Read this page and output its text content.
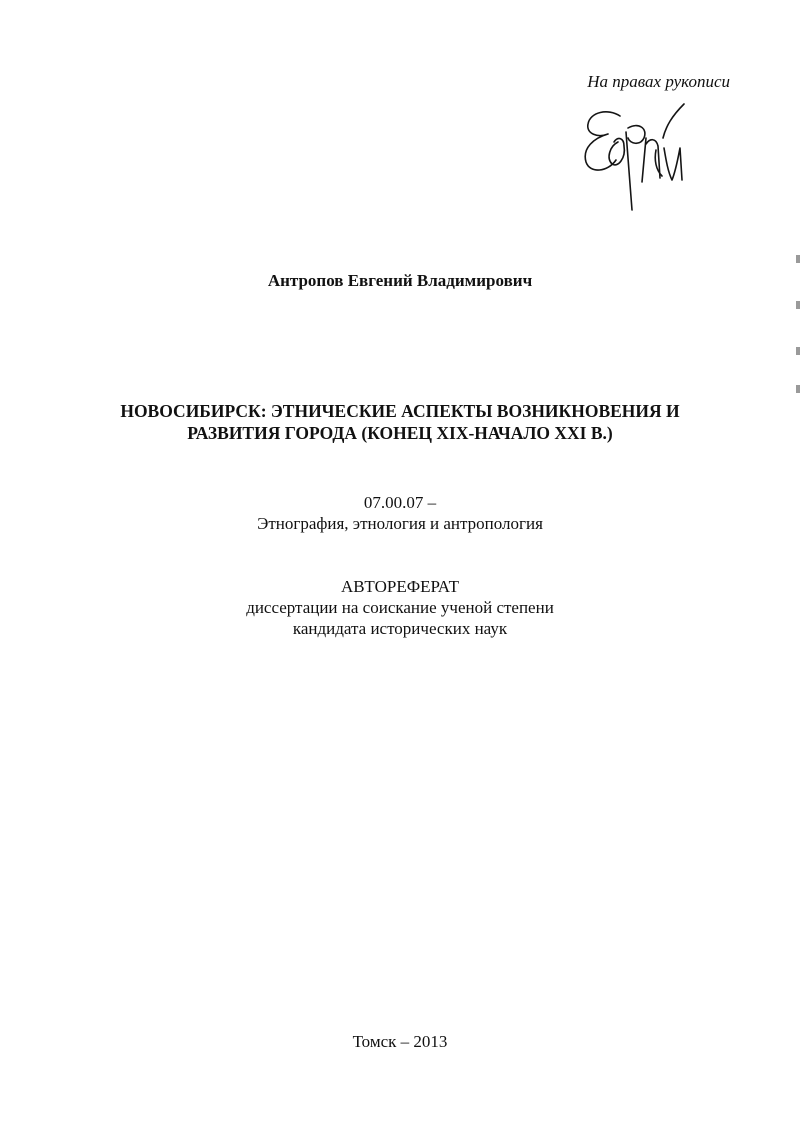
На правах рукописи
Антропов Евгений Владимирович
НОВОСИБИРСК: ЭТНИЧЕСКИЕ АСПЕКТЫ ВОЗНИКНОВЕНИЯ И
РАЗВИТИЯ ГОРОДА (КОНЕЦ XIX-НАЧАЛО XXI В.)
07.00.07 –
Этнография, этнология и антропология
АВТОРЕФЕРАТ
диссертации на соискание ученой степени
кандидата исторических наук
Томск – 2013
